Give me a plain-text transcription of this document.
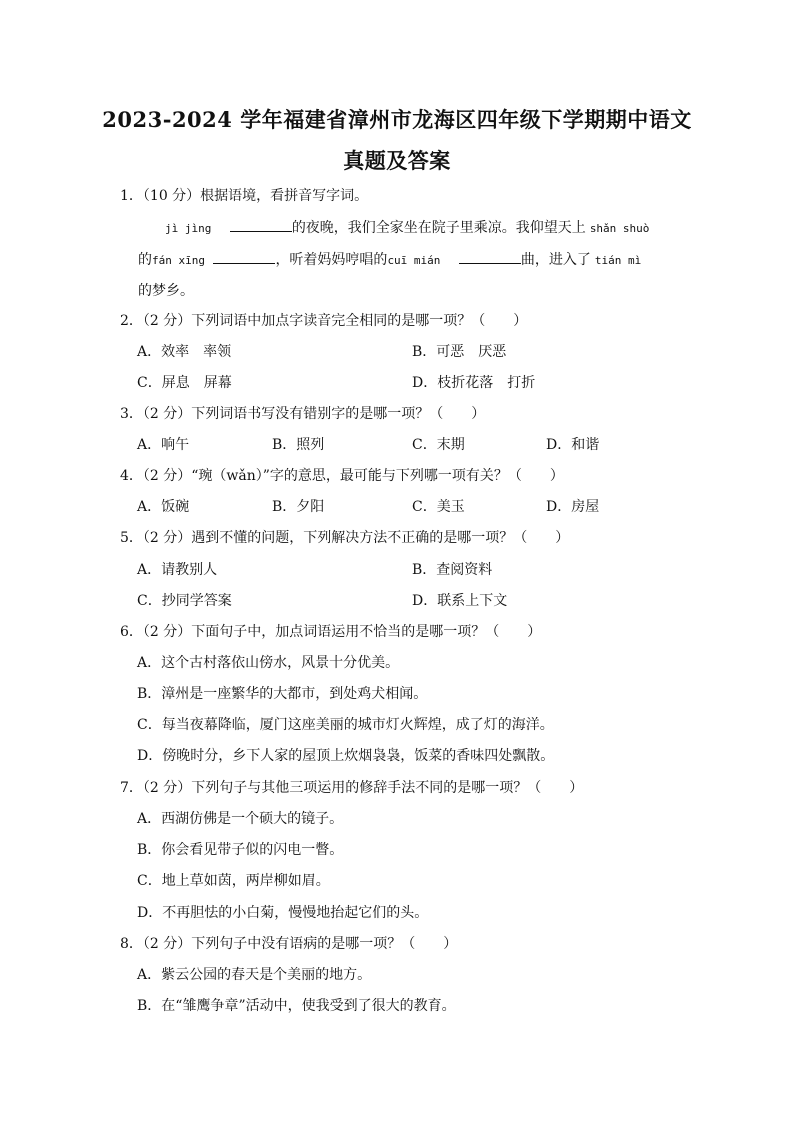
2023-2024 学年福建省漳州市龙海区四年级下学期期中语文
真题及答案
1．（10 分）根据语境，看拼音写字词。
jì jìng	的夜晚，我们全家坐在院子里乘凉。我仰望天上 shǎn shuò
的fán xīng	，听着妈妈哼唱的cuī mián	曲，进入了 tián mì
的梦乡。
2．（2 分）下列词语中加点字读音完全相同的是哪一项？（　　）
A．效率　率领	B．可恶　厌恶
C．屏息　屏幕	D．枝折花落　打折
3．（2 分）下列词语书写没有错别字的是哪一项？（　　）
A．响午	B．照列	C．末期	D．和谐
4．（2 分）“琬（wǎn）”字的意思，最可能与下列哪一项有关？（　　）
A．饭碗	B．夕阳	C．美玉	D．房屋
5．（2 分）遇到不懂的问题，下列解决方法不正确的是哪一项？（　　）
A．请教别人	B．查阅资料
C．抄同学答案	D．联系上下文
6．（2 分）下面句子中，加点词语运用不恰当的是哪一项？（　　）
A．这个古村落依山傍水，风景十分优美。
B．漳州是一座繁华的大都市，到处鸡犬相闻。
C．每当夜幕降临，厦门这座美丽的城市灯火辉煌，成了灯的海洋。
D．傍晚时分，乡下人家的屋顶上炊烟袅袅，饭菜的香味四处飘散。
7．（2 分）下列句子与其他三项运用的修辞手法不同的是哪一项？（　　）
A．西湖仿佛是一个硕大的镜子。
B．你会看见带子似的闪电一瞥。
C．地上草如茵，两岸柳如眉。
D．不再胆怯的小白菊，慢慢地抬起它们的头。
8．（2 分）下列句子中没有语病的是哪一项？（　　）
A．紫云公园的春天是个美丽的地方。
B．在“雏鹰争章”活动中，使我受到了很大的教育。
